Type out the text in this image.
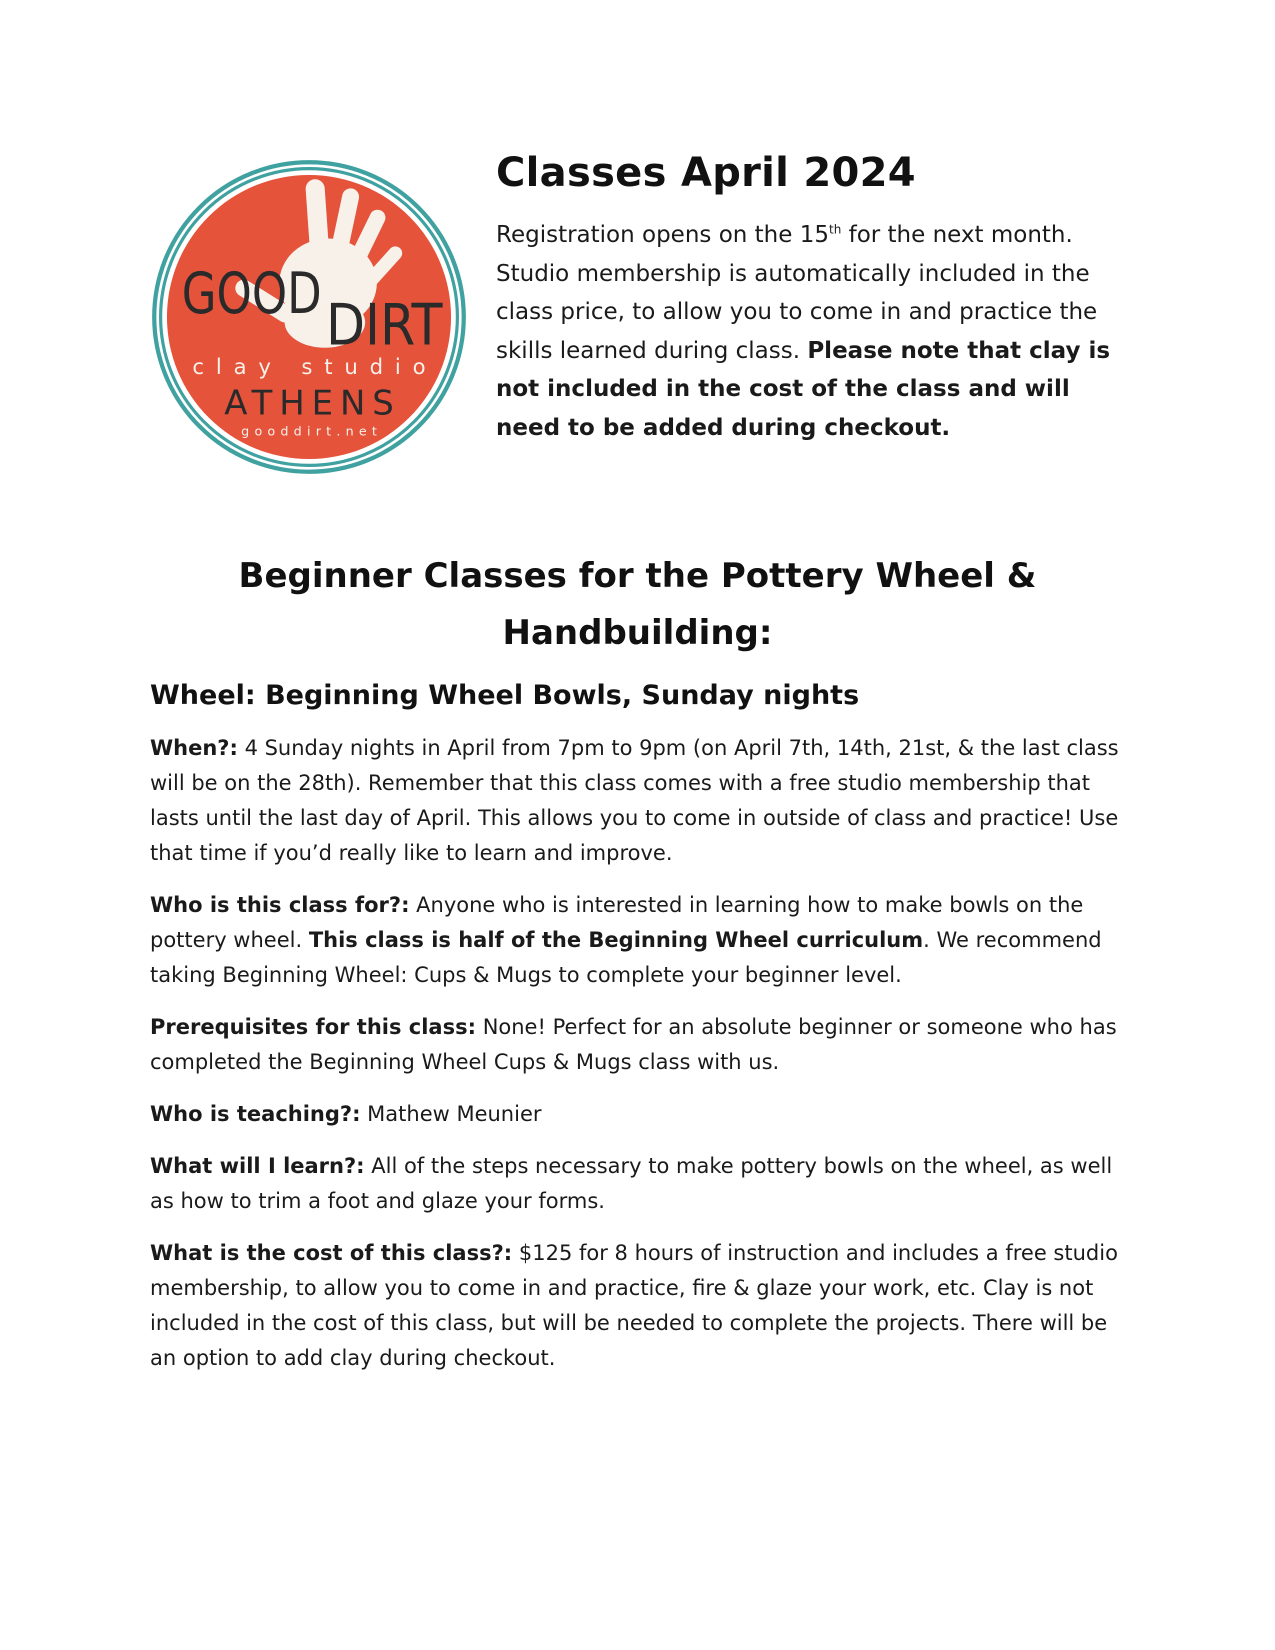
GOOD DIRT
clay studio
ATHENS
gooddirt.net
Classes April 2024

Registration opens on the 15th for the next month. Studio membership is automatically included in the class price, to allow you to come in and practice the skills learned during class. Please note that clay is not included in the cost of the class and will need to be added during checkout.

Beginner Classes for the Pottery Wheel & Handbuilding:
Wheel: Beginning Wheel Bowls, Sunday nights

When?: 4 Sunday nights in April from 7pm to 9pm (on April 7th, 14th, 21st, & the last class will be on the 28th). Remember that this class comes with a free studio membership that lasts until the last day of April. This allows you to come in outside of class and practice! Use that time if you’d really like to learn and improve.

Who is this class for?: Anyone who is interested in learning how to make bowls on the pottery wheel. This class is half of the Beginning Wheel curriculum. We recommend taking Beginning Wheel: Cups & Mugs to complete your beginner level.

Prerequisites for this class: None! Perfect for an absolute beginner or someone who has completed the Beginning Wheel Cups & Mugs class with us.

Who is teaching?: Mathew Meunier

What will I learn?: All of the steps necessary to make pottery bowls on the wheel, as well as how to trim a foot and glaze your forms.

What is the cost of this class?: $125 for 8 hours of instruction and includes a free studio membership, to allow you to come in and practice, fire & glaze your work, etc. Clay is not included in the cost of this class, but will be needed to complete the projects. There will be an option to add clay during checkout.
